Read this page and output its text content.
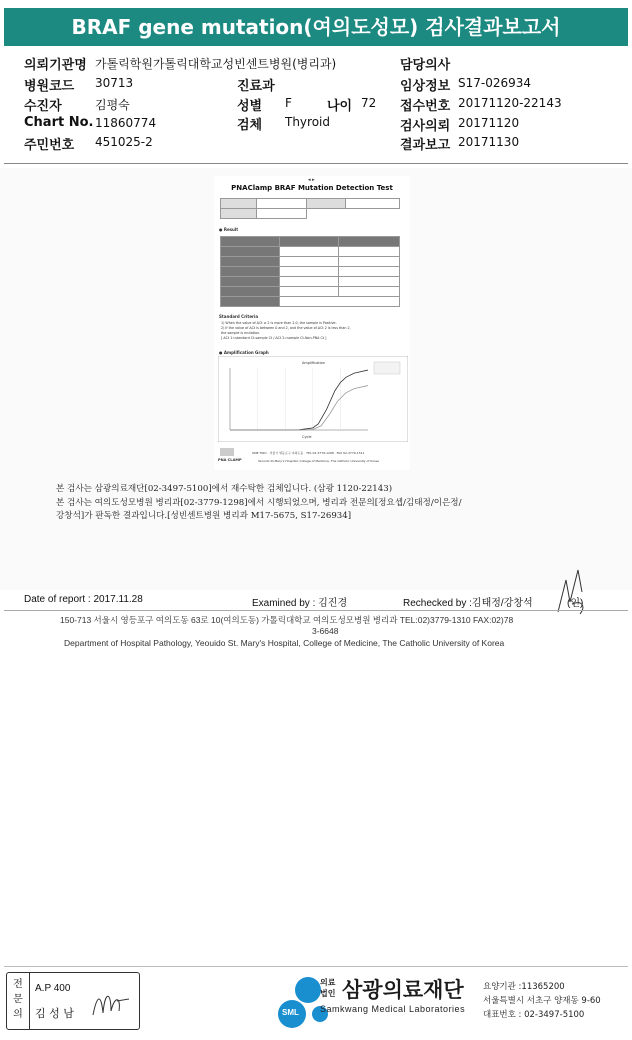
BRAF gene mutation(여의도성모) 검사결과보고서
의뢰기관명 가톨릭학원가톨릭대학교성빈센트병원(병리과)	담당의사
병원코드 30713	진료과	임상정보 S17-026934
수진자	김평숙	성별 F	나이 72 접수번호 20171120-22143
Chart No. 11860774	검체 Thyroid	검사의뢰 20171120
주민번호 451025-2	결과보고 20171130
◂ ▸
PNAClamp BRAF Mutation Detection Test

● Result

Standard Criteria
1) When the value of ΔCt ≥ 2 is more than 2.0, the sample is Positive.
2) If the value of ΔCt is between 0 and 2, and the value of ΔCt 2 is less than 2,
the sample is mutation.
[ ΔCt 1=standard Ct-sample Ct / ΔCt 2=sample Ct-Non-PNA Ct ]
● Amplification Graph
Amplification
Cycle
PNA CLAMP
ONE TWO · 서울시 영등포구 여의도동 · TEL 02-3779-1298 · FAX 02-3779-1311
Yeouido St.Mary's Hospital, College of Medicine, The Catholic University of Korea
본 검사는 삼광의료재단[02-3497-5100]에서 재수탁한 검체입니다. (삼광 1120-22143)
본 검사는 여의도성모병원 병리과[02-3779-1298]에서 시행되었으며, 병리과 전문의[정요셉/김태정/이은정/
강창석]가 판독한 결과입니다.[성빈센트병원 병리과 M17-5675, S17-26934]
Date of report : 2017.11.28	Examined by : 김진경	Rechecked by :김태정/강창석	(인)
150-713 서울시 영등포구 여의도동 63로 10(여의도동) 가톨릭대학교 여의도성모병원 병리과 TEL:02)3779-1310 FAX:02)78
3-6648
Department of Hospital Pathology, Yeouido St. Mary's Hospital, College of Medicine, The Catholic University of Korea
전
문
의
A.P 400
김 성 남	SML
의료
법인 삼광의료재단
Samkwang Medical Laboratories
요양기관 :11365200
서울특별시 서초구 양재동 9-60
대표번호 : 02-3497-5100
